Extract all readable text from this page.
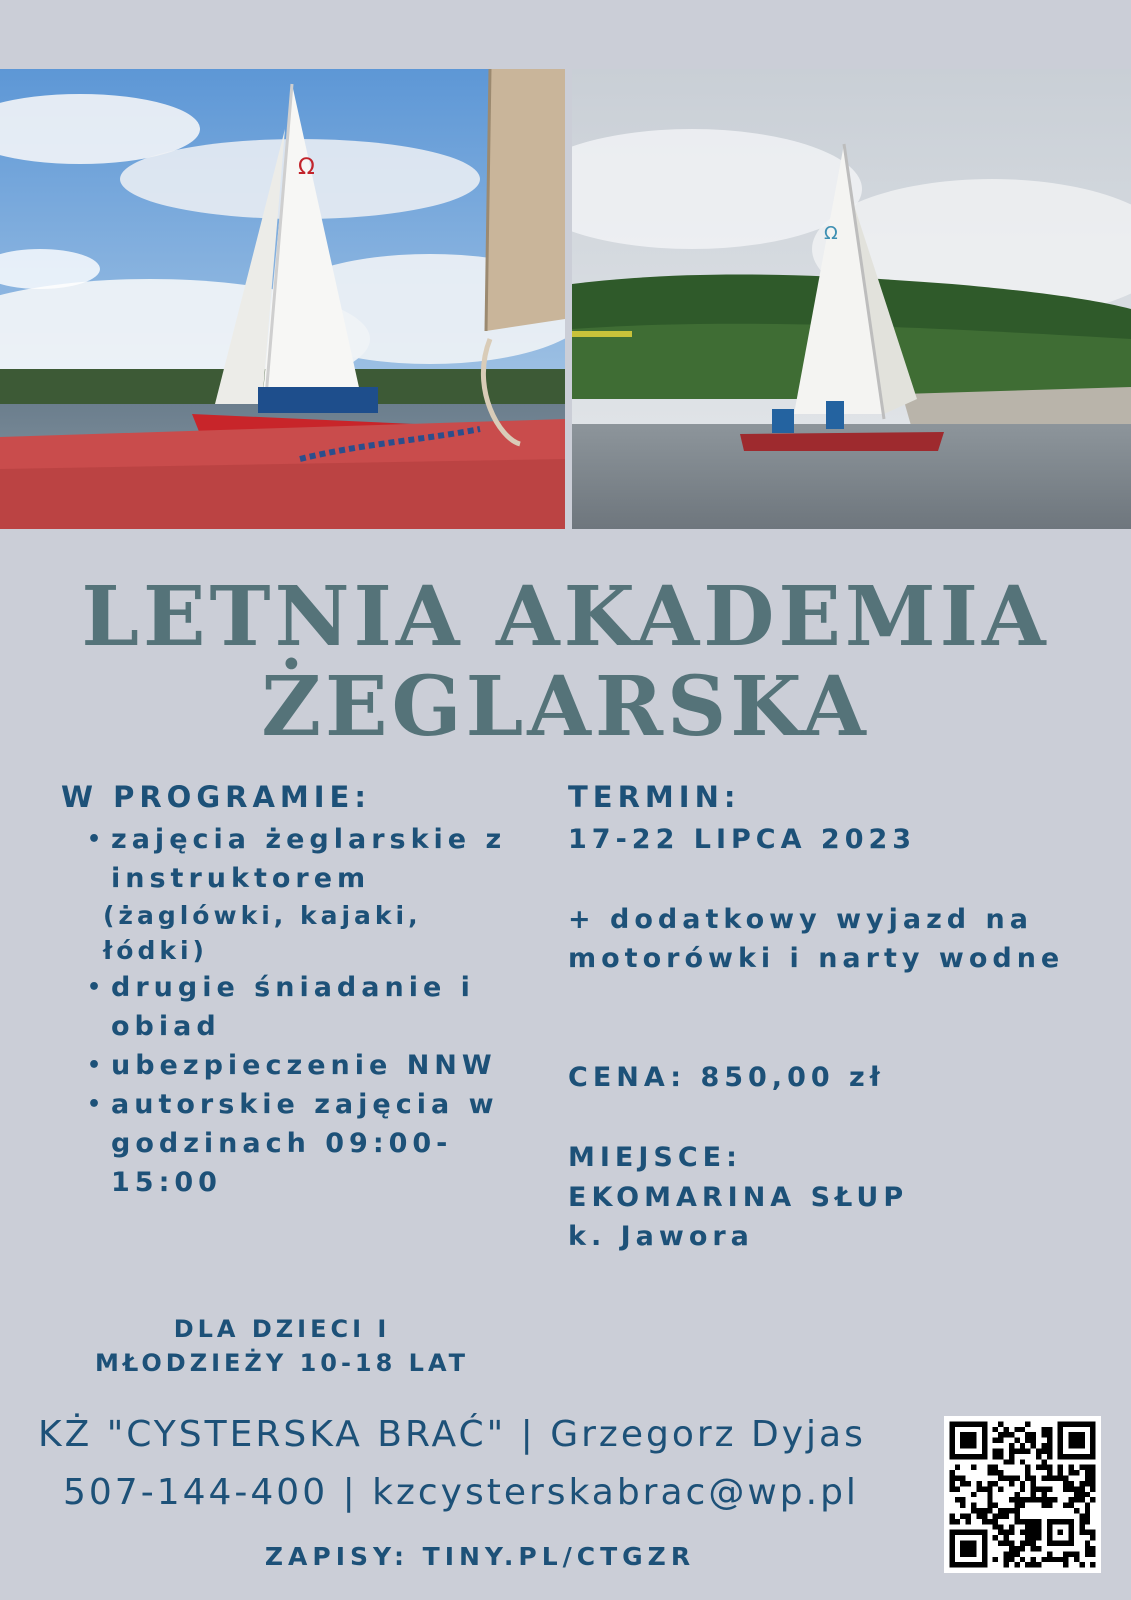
Ω
Ω
LETNIA AKADEMIA
ŻEGLARSKA
W PROGRAMIE:
• zajęcia żeglarskie z instruktorem
(żaglówki, kajaki, łódki)
• drugie śniadanie i obiad
• ubezpieczenie NNW
• autorskie zajęcia w godzinach 09:00-15:00
DLA DZIECI I
MŁODZIEŻY 10-18 LAT
TERMIN:
17-22 LIPCA 2023
+ dodatkowy wyjazd na motorówki i narty wodne
CENA: 850,00 zł
MIEJSCE:
EKOMARINA SŁUP
k. Jawora
KŻ "CYSTERSKA BRAĆ" | Grzegorz Dyjas
507-144-400 | kzcysterskabrac@wp.pl
ZAPISY: TINY.PL/CTGZR
